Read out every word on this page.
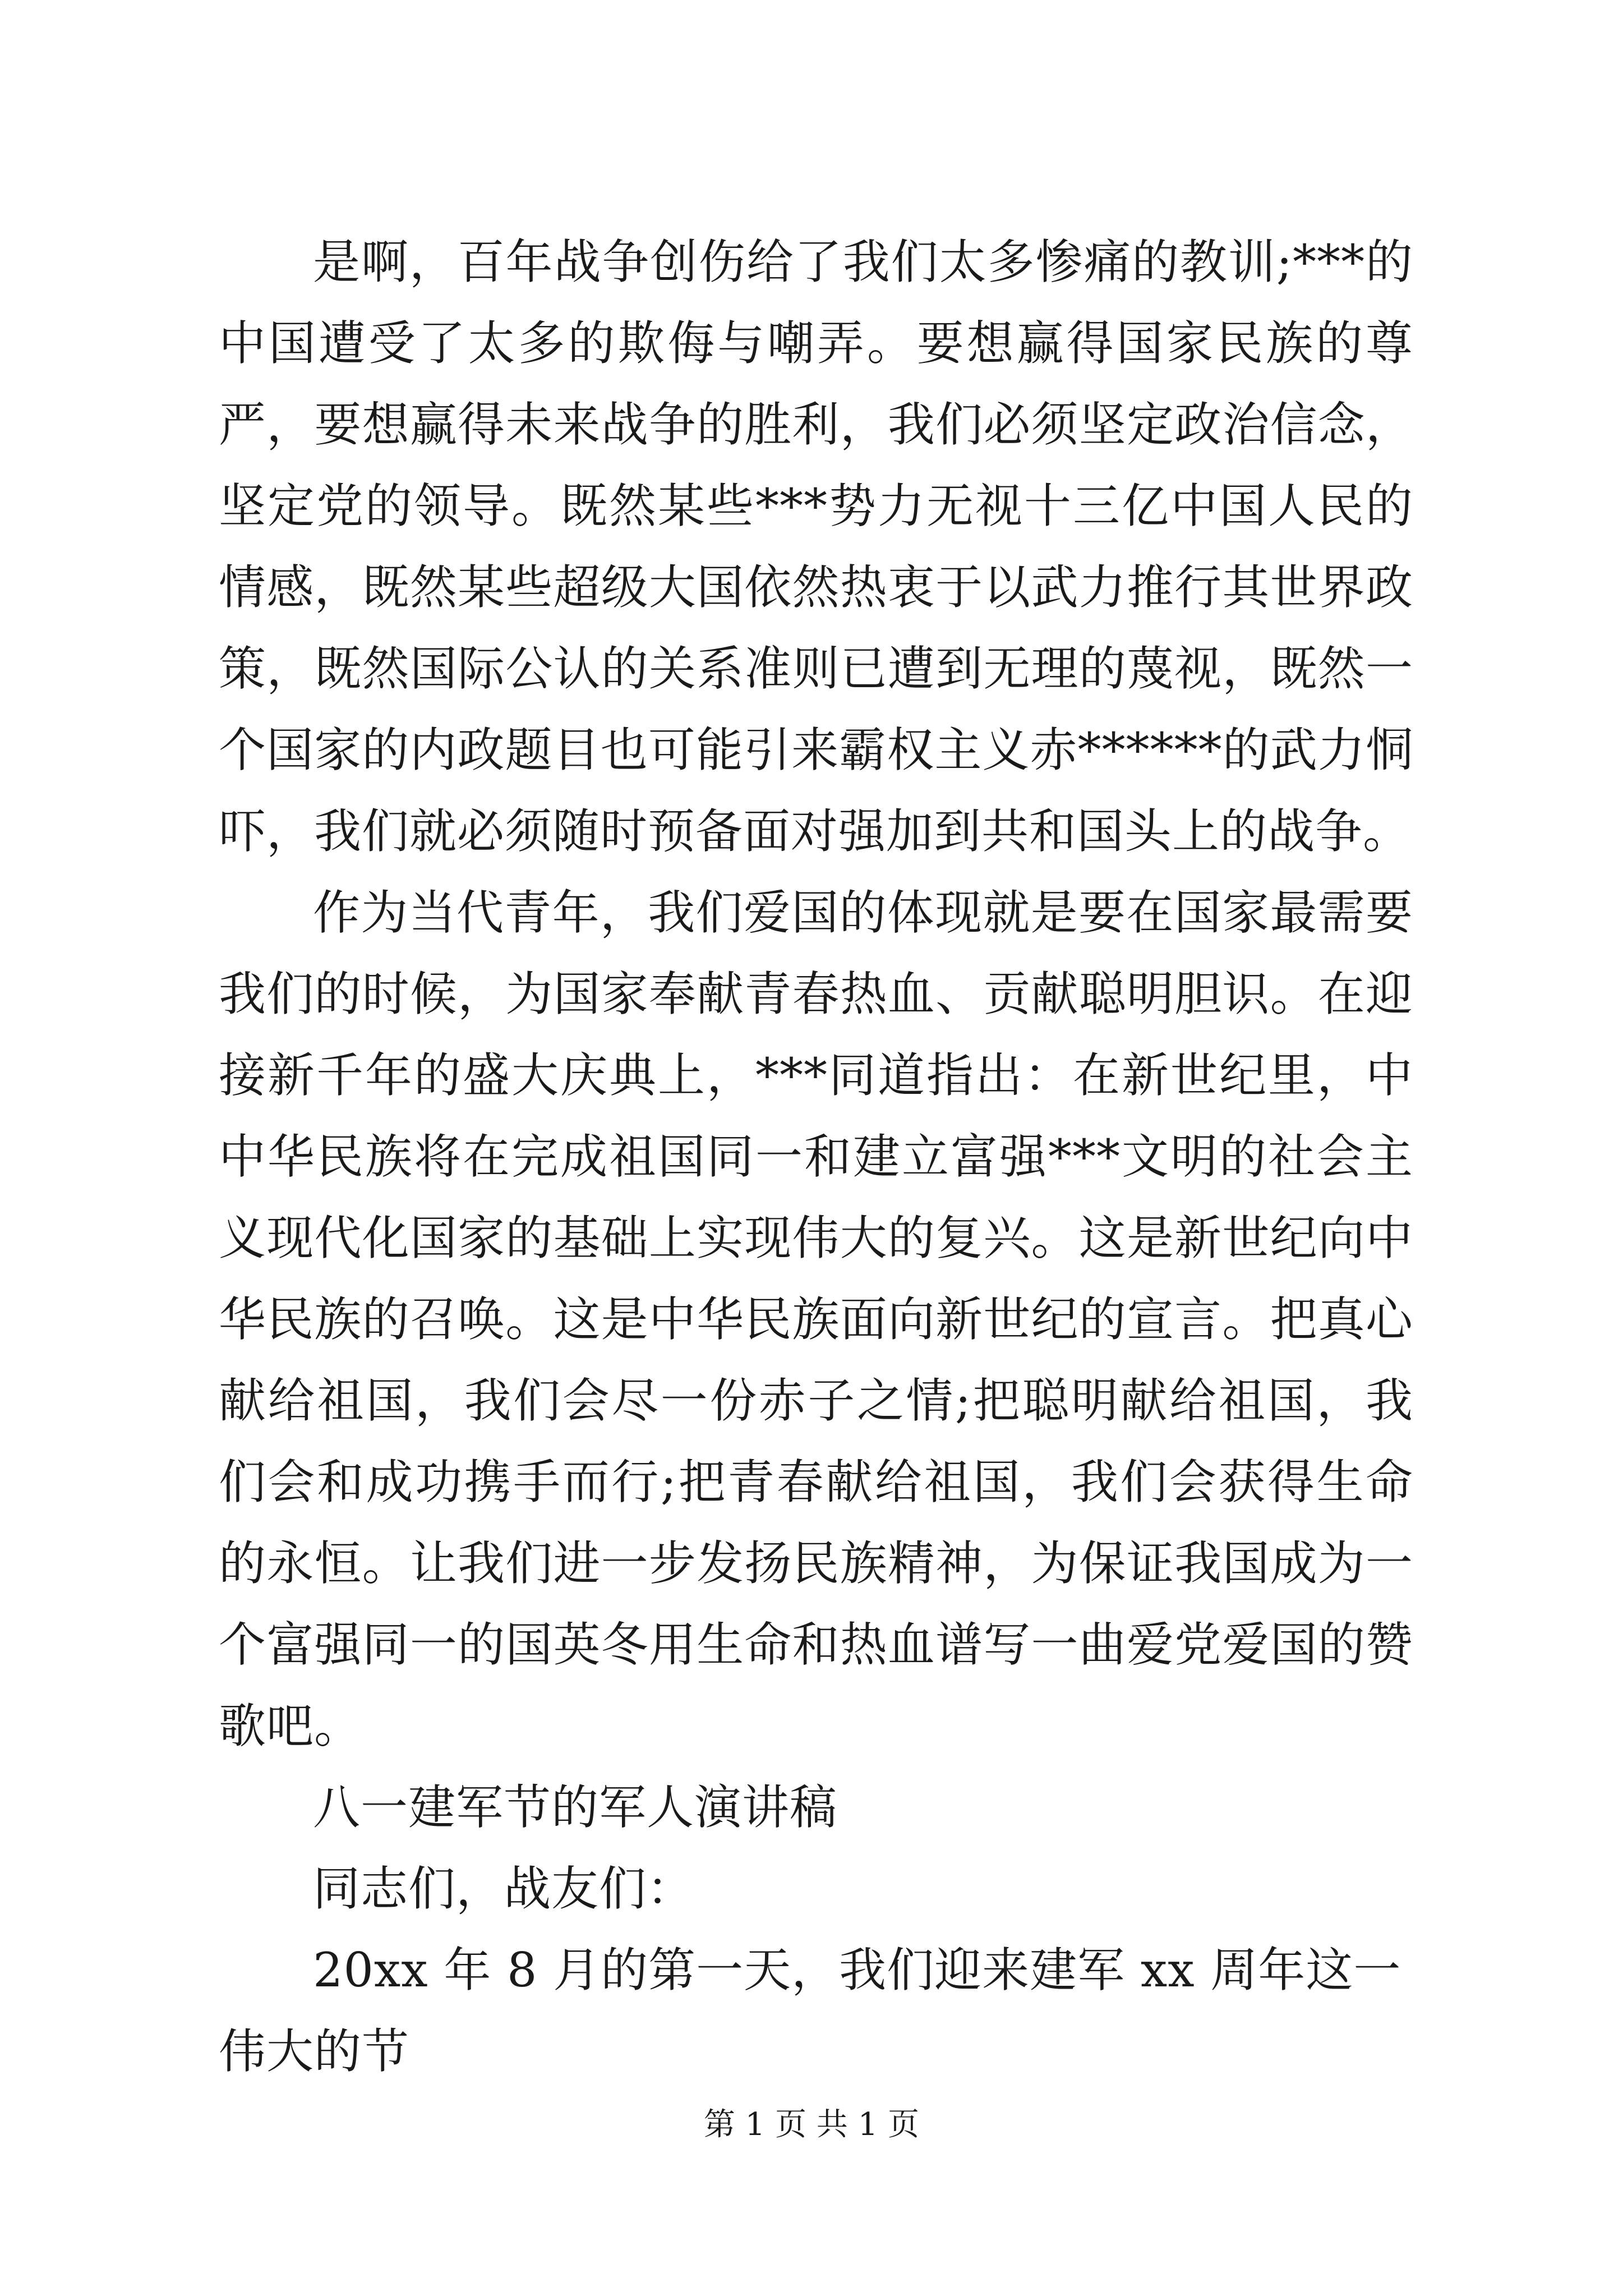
是啊，百年战争创伤给了我们太多惨痛的教训;***的中国遭受了太多的欺侮与嘲弄。要想赢得国家民族的尊严，要想赢得未来战争的胜利，我们必须坚定政治信念，坚定党的领导。既然某些***势力无视十三亿中国人民的情感，既然某些超级大国依然热衷于以武力推行其世界政策，既然国际公认的关系准则已遭到无理的蔑视，既然一个国家的内政题目也可能引来霸权主义赤******的武力恫吓，我们就必须随时预备面对强加到共和国头上的战争。

作为当代青年，我们爱国的体现就是要在国家最需要我们的时候，为国家奉献青春热血、贡献聪明胆识。在迎接新千年的盛大庆典上，***同道指出：在新世纪里，中中华民族将在完成祖国同一和建立富强***文明的社会主义现代化国家的基础上实现伟大的复兴。这是新世纪向中华民族的召唤。这是中华民族面向新世纪的宣言。把真心献给祖国，我们会尽一份赤子之情;把聪明献给祖国，我们会和成功携手而行;把青春献给祖国，我们会获得生命的永恒。让我们进一步发扬民族精神，为保证我国成为一个富强同一的国英冬用生命和热血谱写一曲爱党爱国的赞歌吧。

八一建军节的军人演讲稿

同志们，战友们：

20xx 年 8 月的第一天，我们迎来建军 xx 周年这一伟大的节

第 1 页 共 1 页
